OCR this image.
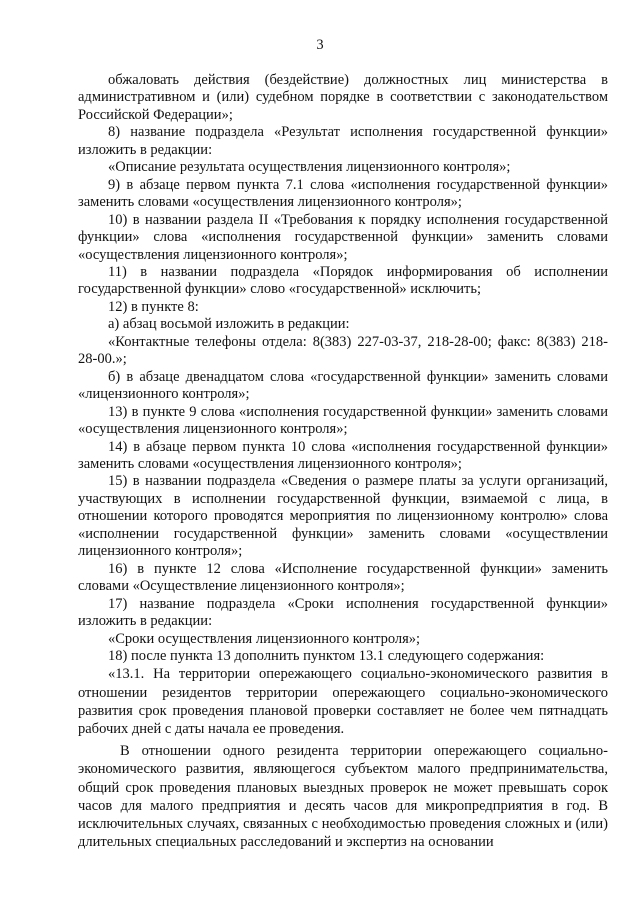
3

обжаловать действия (бездействие) должностных лиц министерства в административном и (или) судебном порядке в соответствии с законодательством Российской Федерации»;

8) название подраздела «Результат исполнения государственной функции» изложить в редакции:

«Описание результата осуществления лицензионного контроля»;

9) в абзаце первом пункта 7.1 слова «исполнения государственной функции» заменить словами «осуществления лицензионного контроля»;

10) в названии раздела II «Требования к порядку исполнения государственной функции» слова «исполнения государственной функции» заменить словами «осуществления лицензионного контроля»;

11) в названии подраздела «Порядок информирования об исполнении государственной функции» слово «государственной» исключить;

12) в пункте 8:

а) абзац восьмой изложить в редакции:

«Контактные телефоны отдела: 8(383) 227-03-37, 218-28-00; факс: 8(383) 218-28-00.»;

б) в абзаце двенадцатом слова «государственной функции» заменить словами «лицензионного контроля»;

13) в пункте 9 слова «исполнения государственной функции» заменить словами «осуществления лицензионного контроля»;

14) в абзаце первом пункта 10 слова «исполнения государственной функции» заменить словами «осуществления лицензионного контроля»;

15) в названии подраздела «Сведения о размере платы за услуги организаций, участвующих в исполнении государственной функции, взимаемой с лица, в отношении которого проводятся мероприятия по лицензионному контролю» слова «исполнении государственной функции» заменить словами «осуществлении лицензионного контроля»;

16) в пункте 12 слова «Исполнение государственной функции» заменить словами «Осуществление лицензионного контроля»;

17) название подраздела «Сроки исполнения государственной функции» изложить в редакции:

«Сроки осуществления лицензионного контроля»;

18) после пункта 13 дополнить пунктом 13.1 следующего содержания:

«13.1. На территории опережающего социально-экономического развития в отношении резидентов территории опережающего социально-экономического развития срок проведения плановой проверки составляет не более чем пятнадцать рабочих дней с даты начала ее проведения.

В отношении одного резидента территории опережающего социально-экономического развития, являющегося субъектом малого предпринимательства, общий срок проведения плановых выездных проверок не может превышать сорок часов для малого предприятия и десять часов для микропредприятия в год. В исключительных случаях, связанных с необходимостью проведения сложных и (или) длительных специальных расследований и экспертиз на основании
